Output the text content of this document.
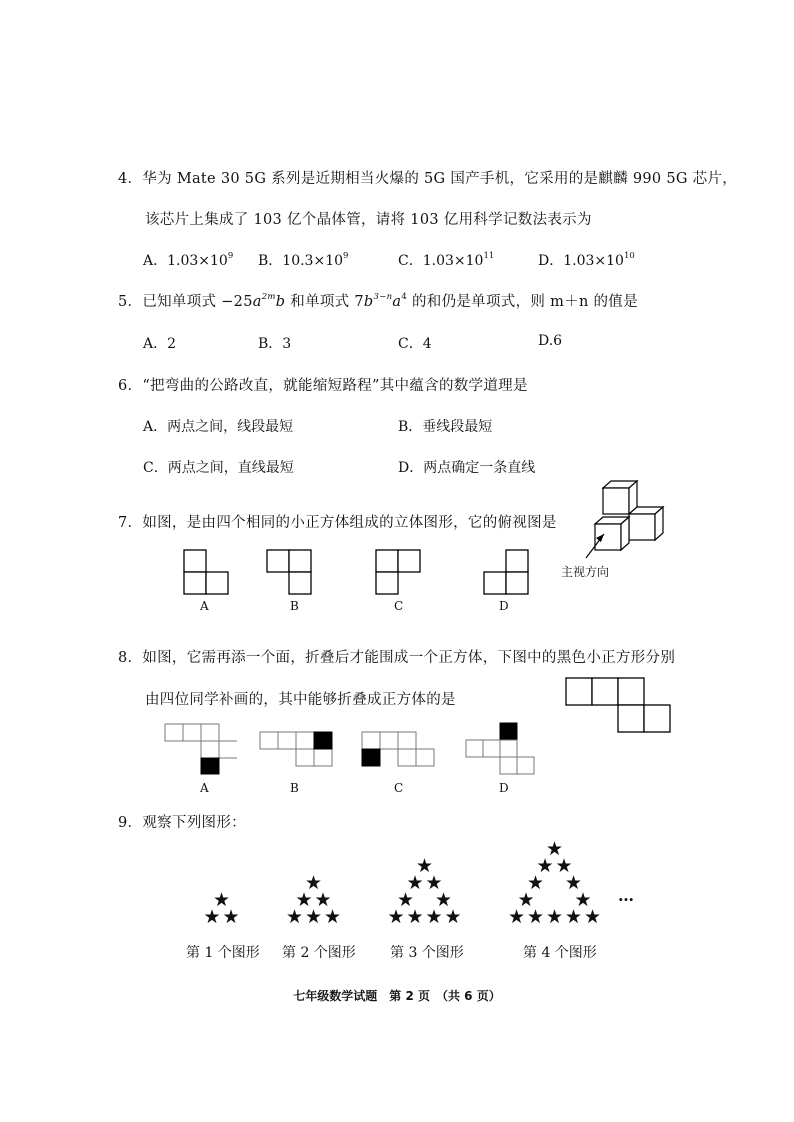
4．华为 Mate 30 5G 系列是近期相当火爆的 5G 国产手机，它采用的是麒麟 990 5G 芯片，
该芯片上集成了 103 亿个晶体管，请将 103 亿用科学记数法表示为
A．$1.03\times 10^9$ B．$10.3\times 10^9$	C．$1.03\times 10^{11}$	D．$1.03\times 10^{10}$
5．已知单项式 $-25a^{2m}b$ 和单项式 $7b^{3-n}a^4$ 的和仍是单项式，则 m＋n 的值是
A．2	B．3	C．4	D.6
6．“把弯曲的公路改直，就能缩短路程”其中蕴含的数学道理是
A．两点之间，线段最短	B．垂线段最短
C．两点之间，直线最短	D．两点确定一条直线
7．如图，是由四个相同的小正方体组成的立体图形，它的俯视图是
主视方向
A	B	C	D
8．如图，它需再添一个面，折叠后才能围成一个正方体，下图中的黑色小正方形分别
由四位同学补画的，其中能够折叠成正方体的是
A	B	C	D
9．观察下列图形：
★
★ ★
★
★ ★
★ ★ ★
★
★ ★
★ ★
★ ★ ★ ★
★
★ ★
★ ★
★ ★
★ ★ ★ ★ ★
…
第 1 个图形 第 2 个图形 第 3 个图形	第 4 个图形
七年级数学试题　第 2 页　（共 6 页）
